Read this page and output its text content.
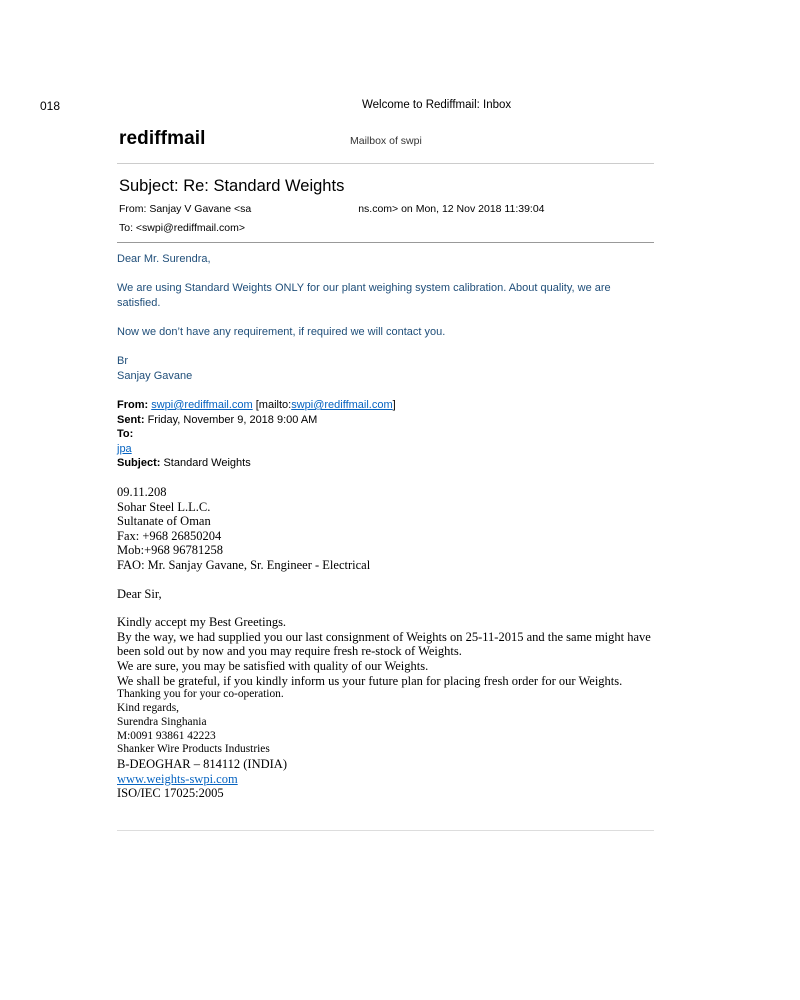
018	Welcome to Rediffmail: Inbox
rediffmail	Mailbox of swpi
Subject: Re: Standard Weights
From: Sanjay V Gavane <sa	ns.com> on Mon, 12 Nov 2018 11:39:04
To: <swpi@rediffmail.com>
Dear Mr. Surendra,
We are using Standard Weights ONLY for our plant weighing system calibration. About quality, we are satisfied.
Now we don’t have any requirement, if required we will contact you.
Br
Sanjay Gavane
From: swpi@rediffmail.com [mailto:swpi@rediffmail.com]
Sent: Friday, November 9, 2018 9:00 AM
To:
jpa
Subject: Standard Weights
09.11.208
Sohar Steel L.L.C.
Sultanate of Oman
Fax: +968 26850204
Mob:+968 96781258
FAO: Mr. Sanjay Gavane, Sr. Engineer - Electrical
Dear Sir,
Kindly accept my Best Greetings.
By the way, we had supplied you our last consignment of Weights on 25-11-2015 and the same might have been sold out by now and you may require fresh re-stock of Weights.
We are sure, you may be satisfied with quality of our Weights.
We shall be grateful, if you kindly inform us your future plan for placing fresh order for our Weights.
Thanking you for your co-operation.
Kind regards,
Surendra Singhania
M:0091 93861 42223
Shanker Wire Products Industries
B-DEOGHAR – 814112 (INDIA)
www.weights-swpi.com
ISO/IEC 17025:2005
